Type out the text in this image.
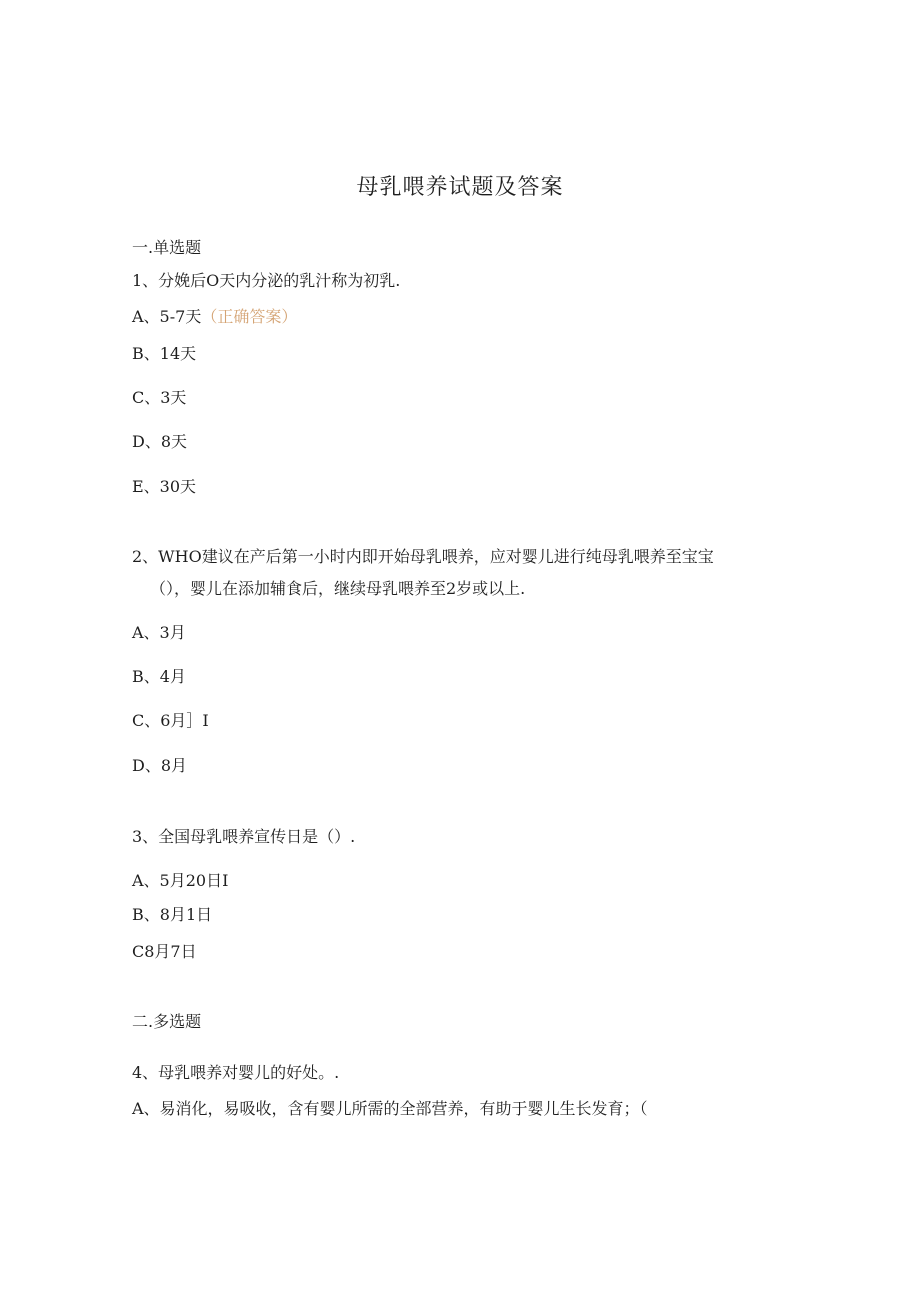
母乳喂养试题及答案
一.单选题
1、分娩后O天内分泌的乳汁称为初乳.
A、5-7天（正确答案）
B、14天
C、3天
D、8天
E、30天
2、WHO建议在产后第一小时内即开始母乳喂养，应对婴儿进行纯母乳喂养至宝宝
（），婴儿在添加辅食后，继续母乳喂养至2岁或以上.
A、3月
B、4月
C、6月］I
D、8月
3、全国母乳喂养宣传日是（）.
A、5月20日I
B、8月1日
C8月7日
二.多选题
4、母乳喂养对婴儿的好处。.
A、易消化，易吸收，含有婴儿所需的全部营养，有助于婴儿生长发育；（
